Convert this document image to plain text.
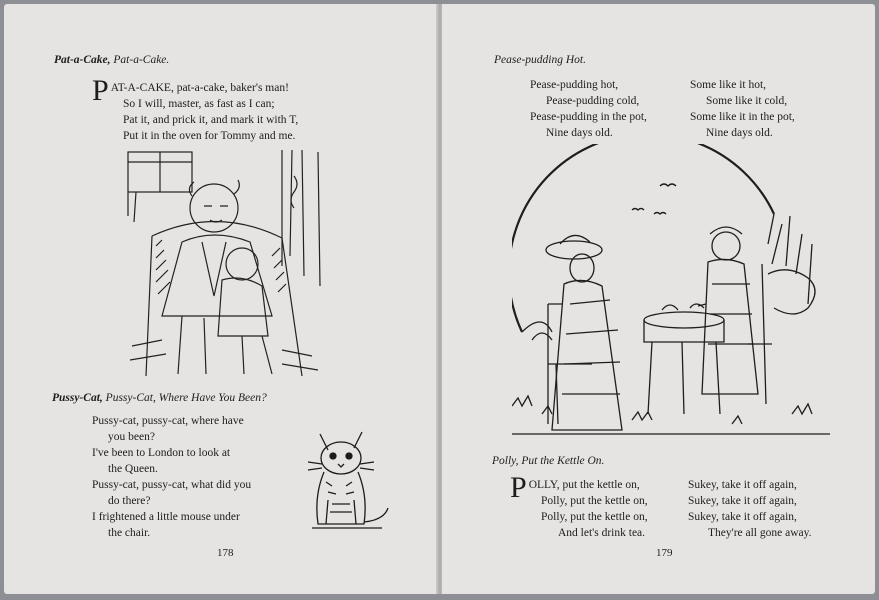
Pat-a-Cake, Pat-a-Cake.
P AT-A-CAKE, pat-a-cake, baker's man!
So I will, master, as fast as I can;
Pat it, and prick it, and mark it with T,
Put it in the oven for Tommy and me.
Pussy-Cat, Pussy-Cat, Where Have You Been?
Pussy-cat, pussy-cat, where have
you been?
I've been to London to look at
the Queen.
Pussy-cat, pussy-cat, what did you
do there?
I frightened a little mouse under
the chair.
178
Pease-pudding Hot.
Pease-pudding hot,
Pease-pudding cold,
Pease-pudding in the pot,
Nine days old.
Some like it hot,
Some like it cold,
Some like it in the pot,
Nine days old.
Polly, Put the Kettle On.
P OLLY, put the kettle on,
Polly, put the kettle on,
Polly, put the kettle on,
And let's drink tea.
Sukey, take it off again,
Sukey, take it off again,
Sukey, take it off again,
They're all gone away.
179
